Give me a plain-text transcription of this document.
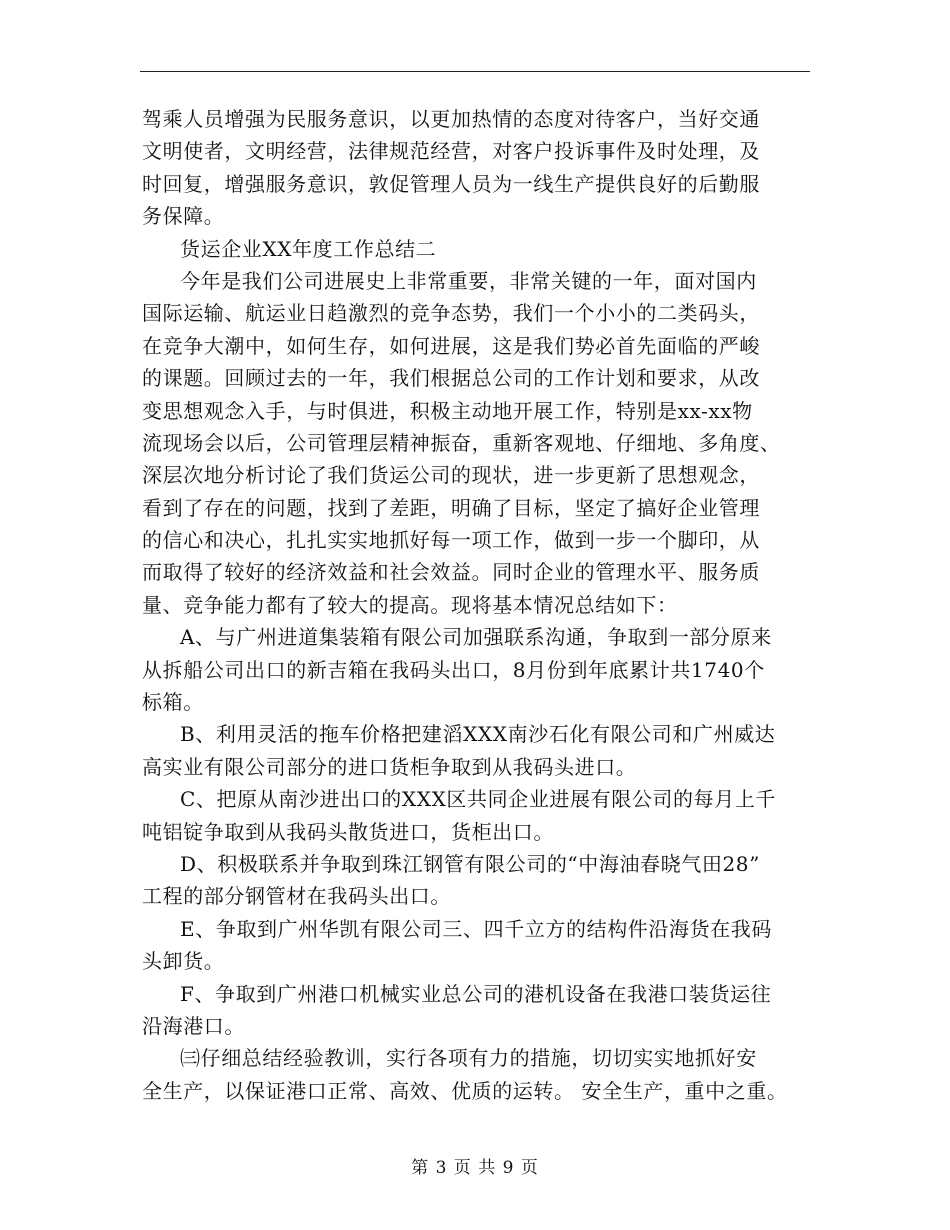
驾乘人员增强为民服务意识，以更加热情的态度对待客户，当好交通
文明使者，文明经营，法律规范经营，对客户投诉事件及时处理，及
时回复，增强服务意识，敦促管理人员为一线生产提供良好的后勤服
务保障。
货运企业XX年度工作总结二
今年是我们公司进展史上非常重要，非常关键的一年，面对国内
国际运输、航运业日趋激烈的竞争态势，我们一个小小的二类码头，
在竞争大潮中，如何生存，如何进展，这是我们势必首先面临的严峻
的课题。回顾过去的一年，我们根据总公司的工作计划和要求，从改
变思想观念入手，与时俱进，积极主动地开展工作，特别是xx-xx物
流现场会以后，公司管理层精神振奋，重新客观地、仔细地、多角度、
深层次地分析讨论了我们货运公司的现状，进一步更新了思想观念，
看到了存在的问题，找到了差距，明确了目标，坚定了搞好企业管理
的信心和决心，扎扎实实地抓好每一项工作，做到一步一个脚印，从
而取得了较好的经济效益和社会效益。同时企业的管理水平、服务质
量、竞争能力都有了较大的提高。现将基本情况总结如下：
A、与广州进道集装箱有限公司加强联系沟通，争取到一部分原来
从拆船公司出口的新吉箱在我码头出口，8月份到年底累计共1740个
标箱。
B、利用灵活的拖车价格把建滔XXX南沙石化有限公司和广州威达
高实业有限公司部分的进口货柜争取到从我码头进口。
C、把原从南沙进出口的XXX区共同企业进展有限公司的每月上千
吨铝锭争取到从我码头散货进口，货柜出口。
D、积极联系并争取到珠江钢管有限公司的“中海油春晓气田28”
工程的部分钢管材在我码头出口。
E、争取到广州华凯有限公司三、四千立方的结构件沿海货在我码
头卸货。
F、争取到广州港口机械实业总公司的港机设备在我港口装货运往
沿海港口。
㈢仔细总结经验教训，实行各项有力的措施，切切实实地抓好安
全生产，以保证港口正常、高效、优质的运转。 安全生产，重中之重。
第 3 页 共 9 页
